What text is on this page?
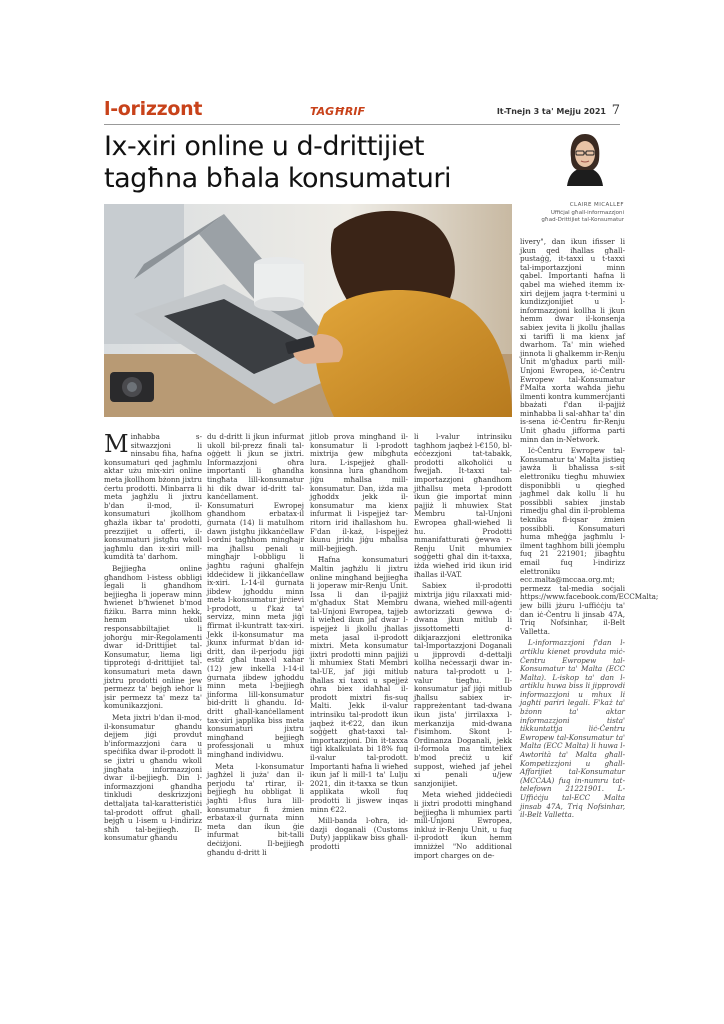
l-orizzont	TAGĦRIF	It-Tnejn 3 ta' Mejju 2021 7
Ix-xiri online u d-drittijiet
tagħna bħala konsumaturi
CLAIRE MICALLEF
Uffiċjal għall-informazzjoni
għad-Drittijiet tal-Konsumatur

Minħabba s-sitwazzjoni li ninsabu fiha, ħafna konsumaturi qed jagħmlu aktar użu mix-xiri online meta jkollhom bżonn jixtru ċertu prodotti. Minbarra li meta jagħżlu li jixtru b'dan il-mod, il-konsumaturi jkollhom għażla ikbar ta' prodotti, prezzijiet u offerti, il-konsumaturi jistgħu wkoll jagħmlu dan ix-xiri mill-kumdità ta' darhom.

Bejjiegħa online għandhom l-istess obbligi legali li għandhom bejjiegħa li joperaw minn ħwienet b'ħwienet b'mod fiżiku. Barra minn hekk, hemm ukoll responsabbiltajiet li joħorġu mir-Regolamenti dwar id-Drittijiet tal-Konsumatur, liema ligi tipproteġi d-drittijiet tal-konsumaturi meta dawn jixtru prodotti online jew permezz ta' bejgħ ieħor li jsir permezz ta' mezz ta' komunikazzjoni.

Meta jixtri b'dan il-mod, il-konsumatur għandu dejjem jiġi provdut b'informazzjoni ċara u speċifika dwar il-prodott li se jixtri u għandu wkoll jingħata informazzjoni dwar il-bejjiegħ. Din l-informazzjoni għandha tinkludi deskrizzjoni dettaljata tal-karatteristiċi tal-prodott offrut għall-bejgħ u l-isem u l-indirizz sħiħ tal-bejjiegħ. Il-konsumatur għandu

du d-dritt li jkun infurmat ukoll bil-prezz finali tal-oġġett li jkun se jixtri. Informazzjoni oħra importanti li għandha tingħata lill-konsumatur hi dik dwar id-dritt tal-kanċellament. Konsumaturi Ewropej għandhom erbatax-il ġurnata (14) li matulhom dawn jistgħu jikkanċellaw l-ordni tagħhom mingħajr ma jħallsu penali u mingħajr l-obbligu li jagħtu raġuni għalfejn iddeċidew li jikkanċellaw ix-xiri. L-14-il ġurnata jibdew jgħoddu minn meta l-konsumatur jirċievi l-prodott, u f'każ ta' servizz, minn meta jiġi ffirmat il-kuntratt tax-xiri. Jekk il-konsumatur ma jkunx infurmat b'dan id-dritt, dan il-perjodu jiġi estiż għal tnax-il xahar (12) jew inkella l-14-il ġurnata jibdew jgħoddu minn meta l-bejjiegħ jinforma lill-konsumatur bid-dritt li għandu. Id-dritt għall-kanċellament tax-xiri japplika biss meta konsumaturi jixtru mingħand bejjiegħ professjonali u mhux mingħand individwu.

Meta l-konsumatur jagħżel li juża' dan il-perjodu ta' rtirar, il-bejjiegħ hu obbligat li jagħti l-flus lura lill-konsumatur fi żmien erbatax-il ġurnata minn meta dan ikun ġie infurmat bit-talli deċiżjoni. Il-bejjiegħ għandu d-dritt li

jitlob prova mingħand il-konsumatur li l-prodott mixtrija ġew mibgħuta lura. L-ispejjeż għall-konsinna lura għandhom jiġu mħallsa mill-konsumatur. Dan, iżda ma jgħoddx jekk il-konsumatur ma kienx infurmat li l-ispejjeż tar-ritorn irid iħallashom hu. F'dan il-każ, l-ispejjeż ikunu jridu jiġu mħallsa mill-bejjiegħ.

Ħafna konsumaturi Maltin jagħżlu li jixtru online mingħand bejjiegħa li joperaw mir-Renju Unit. Issa li dan il-pajjiż m'għadux Stat Membru tal-Unjoni Ewropea, tajjeb li wieħed ikun jaf dwar l-ispejjeż li jkollu jħallas meta jasal il-prodott mixtri. Meta konsumatur jixtri prodotti minn pajjiżi li mhumiex Stati Membri tal-UE, jaf jiġi mitlub iħallas xi taxxi u spejjeż oħra biex idaħħal il-prodott mixtri fis-suq Malti. Jekk il-valur intrinsiku tal-prodott ikun jaqbeż it-€22, dan ikun soġġett għat-taxxi tal-importazzjoni. Din it-taxxa tiġi kkalkulata bi 18% fuq il-valur tal-prodott. Importanti ħafna li wieħed ikun jaf li mill-1 ta' Lulju 2021, din it-taxxa se tkun applikata wkoll fuq prodotti li jiswew inqas minn €22.

Mill-banda l-oħra, id-dazji doganali (Customs Duty) japplikaw biss għall-prodotti

li l-valur intrinsiku tagħhom jaqbeż l-€150, bl-eċċezzjoni tat-tabakk, prodotti alkoħoliċi u fwejjaħ. It-taxxi tal-importazzjoni għandhom jitħallsu meta l-prodott ikun ġie importat minn pajjiż li mhuwiex Stat Membru tal-Unjoni Ewropea għall-wieħed li hu. Prodotti mmanifatturati ġewwa r-Renju Unit mhumiex soġġetti għal din it-taxxa, iżda wieħed irid ikun irid iħallas il-VAT.

Sabiex il-prodotti mixtrija jiġu rilaxxati mid-dwana, wieħed mill-aġenti awtorizzati ġewwa d-dwana jkun mitlub li jissottometti d-dikjarazzjoni elettronika tal-Importazzjoni Doganali u jipprovdi d-dettalji kollha neċessarji dwar in-natura tal-prodott u l-valur tiegħu. Il-konsumatur jaf jiġi mitlub jħallsu sabiex ir-rappreżentant tad-dwana ikun jista' jirrilaxxa l-merkanzija mid-dwana f'isimhom. Skont l-Ordinanza Doganali, jekk il-formola ma timteliex b'mod preċiż u kif suppost, wieħed jaf jeħel xi penali u/jew sanzjonijiet.

Meta wieħed jiddeċiedi li jixtri prodotti mingħand bejjiegħa li mhumiex parti mill-Unjoni Ewropea, inkluż ir-Renju Unit, u fuq il-prodott ikun hemm imniżżel "No additional import charges on de-

livery", dan ikun ifisser li jkun qed iħallas għall-pustaġġ, it-taxxi u t-taxxi tal-importazzjoni minn qabel. Importanti ħafna li qabel ma wieħed itemm ix-xiri dejjem jaqra t-termini u kundizzjonijiet u l-informazzjoni kollha li jkun hemm dwar il-konsenja sabiex jevita li jkollu jħallas xi tariffi li ma kienx jaf dwarhom. Ta' min wieħed jinnota li għalkemm ir-Renju Unit m'għadux parti mill-Unjoni Ewropea, iċ-Ċentru Ewropew tal-Konsumatur f'Malta xorta waħda jieħu ilmenti kontra kummerċjanti bbażati f'dan il-pajjiż minħabba li sal-aħħar ta' din is-sena iċ-Ċentru fir-Renju Unit għadu jifforma parti minn dan in-Network.

Iċ-Ċentru Ewropew tal-Konsumatur ta' Malta jistieq jawża li bħalissa s-sit elettroniku tiegħu mhuwiex disponibbli u qiegħed jagħmel dak kollu li hu possibbli sabiex jinstab rimedju għal din il-problema teknika fl-iqsar żmien possibbli. Konsumaturi huma mħeġġa jagħmlu l-ilment tagħhom billi jċemplu fuq 21 221901; jibagħtu email fuq l-indirizz elettroniku ecc.malta@mccaa.org.mt; permezz tal-media soċjali https://www.facebook.com/ECCMalta; jew billi jżuru l-uffiċċju ta' dan iċ-Ċentru li jinsab 47A, Triq Nofsinhar, il-Belt Valletta.

L-informazzjoni f'dan l-artiklu kienet provduta miċ-Ċentru Ewropew tal-Konsumatur ta' Malta (ECC Malta). L-iskop ta' dan l-artiklu huwa biss li jipprovdi informazzjoni u mhux li jagħti pariri legali. F'każ ta' bżonn ta' aktar informazzjoni tista' tikkuntattja liċ-Ċentru Ewropew tal-Konsumatur ta' Malta (ECC Malta) li huwa l-Awtorità ta' Malta għall-Kompetizzjoni u għall-Affarijiet tal-Konsumatur (MCCAA) fuq in-numru tat-telefown 21221901. L-Uffiċċju tal-ECC Malta jinsab 47A, Triq Nofsinhar, il-Belt Valletta.
